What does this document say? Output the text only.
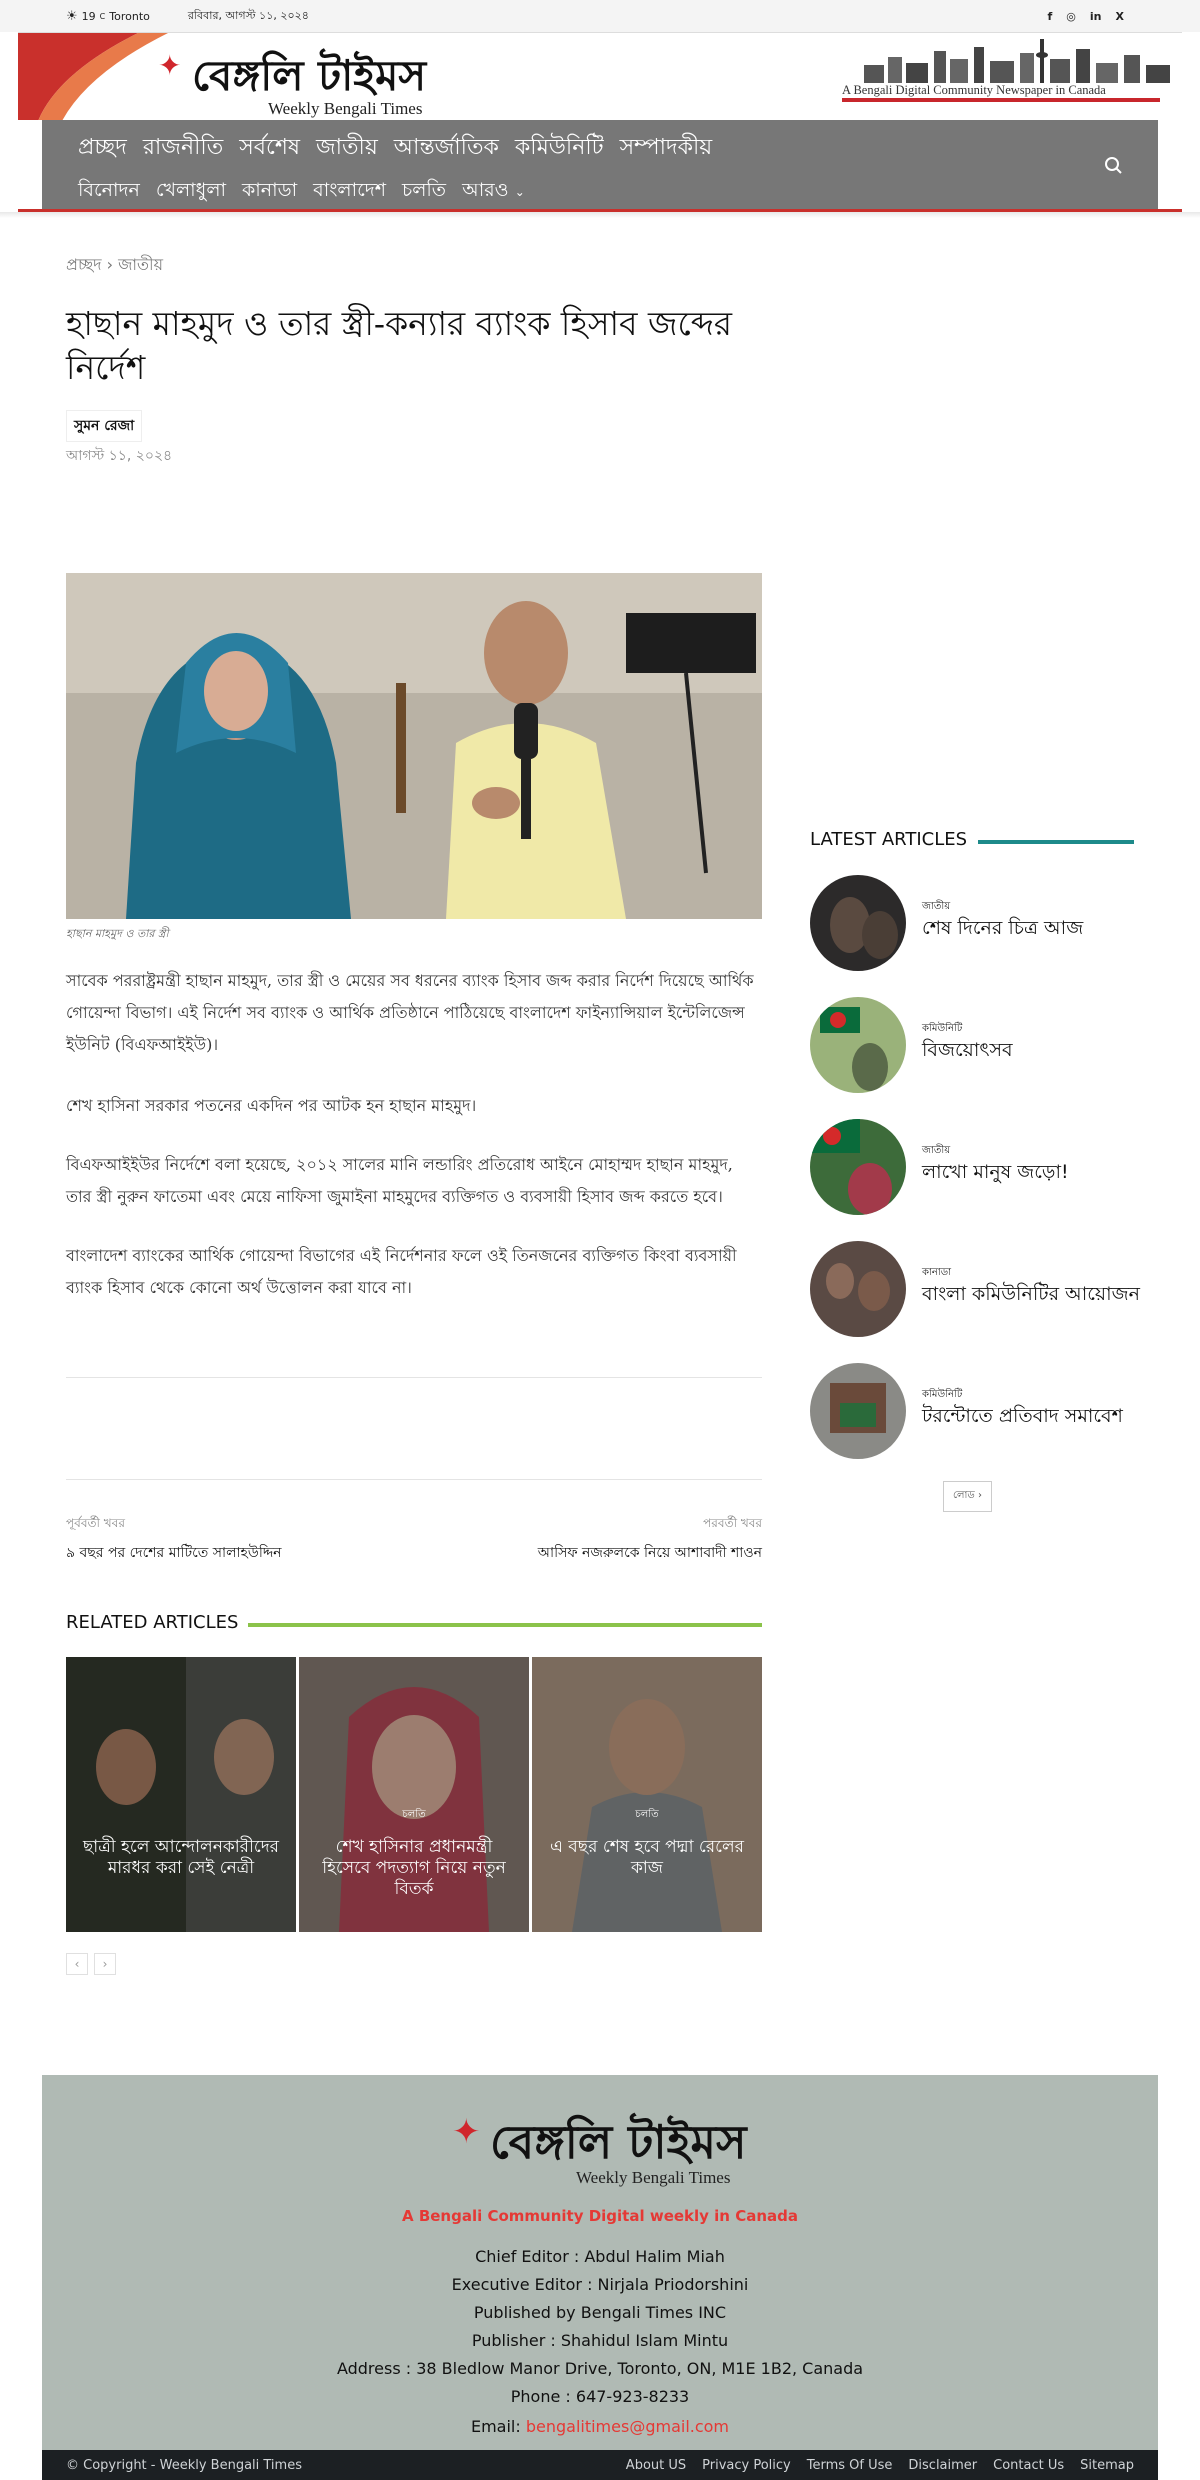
☀ 19 C Toronto	রবিবার, আগস্ট ১১, ২০২৪	f ◎ in X
✦ বেঙ্গলি টাইমস
Weekly Bengali Times
A Bengali Digital Community Newspaper in Canada
প্রচ্ছদ রাজনীতি সর্বশেষ জাতীয় আন্তর্জাতিক কমিউনিটি সম্পাদকীয়
বিনোদন খেলাধুলা কানাডা বাংলাদেশ চলতি আরও ⌄
প্রচ্ছদ › জাতীয়
হাছান মাহমুদ ও তার স্ত্রী-কন্যার ব্যাংক হিসাব জব্দের নির্দেশ
সুমন রেজা
আগস্ট ১১, ২০২৪
হাছান মাহমুদ ও তার স্ত্রী

সাবেক পররাষ্ট্রমন্ত্রী হাছান মাহমুদ, তার স্ত্রী ও মেয়ের সব ধরনের ব্যাংক হিসাব জব্দ করার নির্দেশ দিয়েছে আর্থিক গোয়েন্দা বিভাগ। এই নির্দেশ সব ব্যাংক ও আর্থিক প্রতিষ্ঠানে পাঠিয়েছে বাংলাদেশ ফাইন্যান্সিয়াল ইন্টেলিজেন্স ইউনিট (বিএফআইইউ)।

শেখ হাসিনা সরকার পতনের একদিন পর আটক হন হাছান মাহমুদ।

বিএফআইইউর নির্দেশে বলা হয়েছে, ২০১২ সালের মানি লন্ডারিং প্রতিরোধ আইনে মোহাম্মদ হাছান মাহমুদ, তার স্ত্রী নুরুন ফাতেমা এবং মেয়ে নাফিসা জুমাইনা মাহমুদের ব্যক্তিগত ও ব্যবসায়ী হিসাব জব্দ করতে হবে।

বাংলাদেশ ব্যাংকের আর্থিক গোয়েন্দা বিভাগের এই নির্দেশনার ফলে ওই তিনজনের ব্যক্তিগত কিংবা ব্যবসায়ী ব্যাংক হিসাব থেকে কোনো অর্থ উত্তোলন করা যাবে না।

পূর্ববর্তী খবর
৯ বছর পর দেশের মাটিতে সালাহউদ্দিন
পরবর্তী খবর
আসিফ নজরুলকে নিয়ে আশাবাদী শাওন
RELATED ARTICLES
ছাত্রী হলে আন্দোলনকারীদের মারধর করা সেই নেত্রী
চলতি
শেখ হাসিনার প্রধানমন্ত্রী হিসেবে পদত্যাগ নিয়ে নতুন বিতর্ক
চলতি
এ বছর শেষ হবে পদ্মা রেলের কাজ
‹	›
LATEST ARTICLES
জাতীয়
শেষ দিনের চিত্র আজ
কমিউনিটি
বিজয়োৎসব
জাতীয়
লাখো মানুষ জড়ো!
কানাডা
বাংলা কমিউনিটির আয়োজন
কমিউনিটি
টরন্টোতে প্রতিবাদ সমাবেশ
লোড ›
✦ বেঙ্গলি টাইমস
Weekly Bengali Times
A Bengali Community Digital weekly in Canada
Chief Editor : Abdul Halim Miah
Executive Editor : Nirjala Priodorshini
Published by Bengali Times INC
Publisher : Shahidul Islam Mintu
Address : 38 Bledlow Manor Drive, Toronto, ON, M1E 1B2, Canada
Phone : 647-923-8233
Email: bengalitimes@gmail.com
© Copyright - Weekly Bengali Times	About US Privacy Policy Terms Of Use Disclaimer Contact Us Sitemap
